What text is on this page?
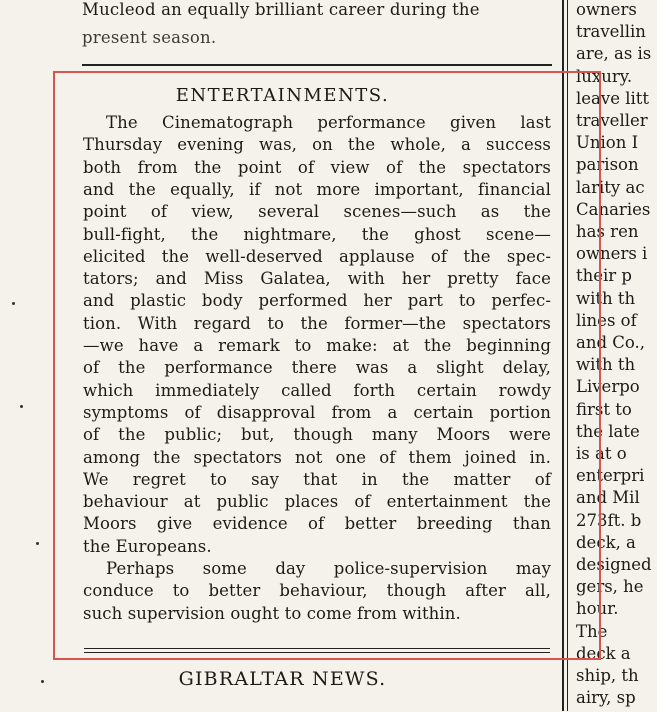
Mucleod an equally brilliant career during the
present season.
ENTERTAINMENTS.
The Cinematograph performance given last
Thursday evening was, on the whole, a success
both from the point of view of the spectators
and the equally, if not more important, financial
point of view, several scenes—such as the
bull-fight, the nightmare, the ghost scene—
elicited the well-deserved applause of the spec-
tators; and Miss Galatea, with her pretty face
and plastic body performed her part to perfec-
tion. With regard to the former—the spectators
—we have a remark to make: at the beginning
of the performance there was a slight delay,
which immediately called forth certain rowdy
symptoms of disapproval from a certain portion
of the public; but, though many Moors were
among the spectators not one of them joined in.
We regret to say that in the matter of
behaviour at public places of entertainment the
Moors give evidence of better breeding than
the Europeans.
Perhaps some day police-supervision may
conduce to better behaviour, though after all,
such supervision ought to come from within.
GIBRALTAR NEWS.

owners
travellin
are, as is
luxury.
leave litt
traveller
Union I
parison
larity ac
Canaries
has ren
owners i
their p
with th
lines of
and Co.,
with th
Liverpo
first to
the late
is at o
enterpri
and Mil
273ft. b
deck, a
designed
gers, he
hour.
The
deck a
ship, th
airy, sp
